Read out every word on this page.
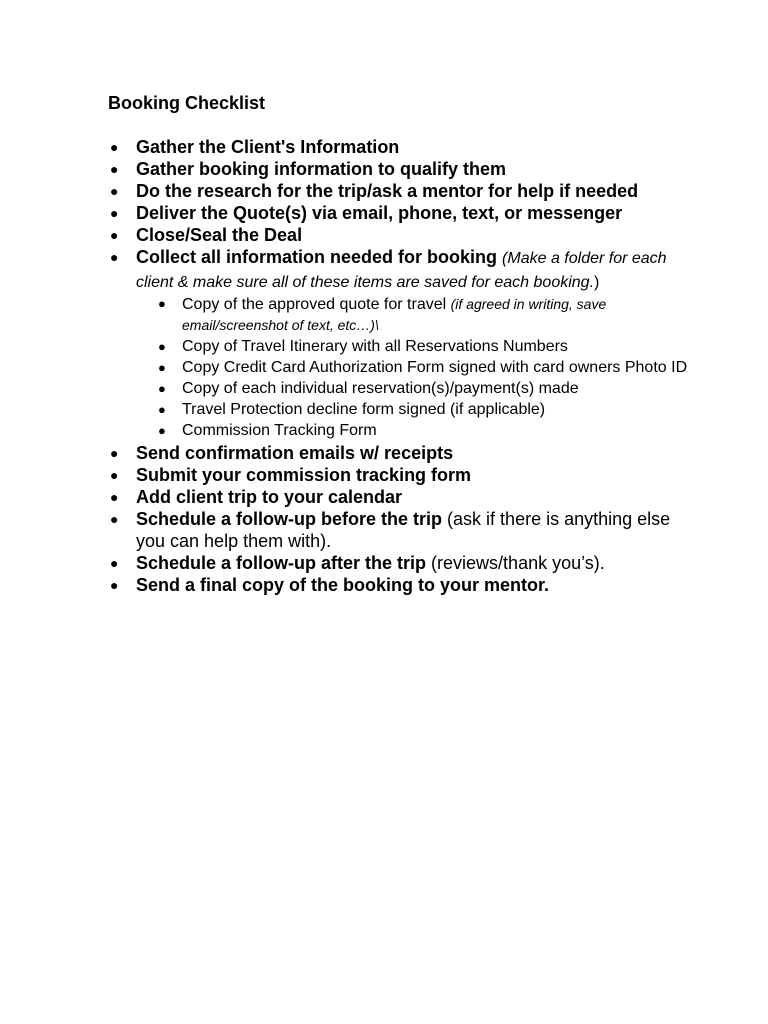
Booking Checklist
● Gather the Client's Information
● Gather booking information to qualify them
● Do the research for the trip/ask a mentor for help if needed
● Deliver the Quote(s) via email, phone, text, or messenger
● Close/Seal the Deal
● Collect all information needed for booking (Make a folder for each client & make sure all of these items are saved for each booking.)
● Copy of the approved quote for travel (if agreed in writing, save email/screenshot of text, etc…)\
● Copy of Travel Itinerary with all Reservations Numbers
● Copy Credit Card Authorization Form signed with card owners Photo ID
● Copy of each individual reservation(s)/payment(s) made
● Travel Protection decline form signed (if applicable)
● Commission Tracking Form
● Send confirmation emails w/ receipts
● Submit your commission tracking form
● Add client trip to your calendar
● Schedule a follow-up before the trip (ask if there is anything else you can help them with).
● Schedule a follow-up after the trip (reviews/thank you’s).
● Send a final copy of the booking to your mentor.
